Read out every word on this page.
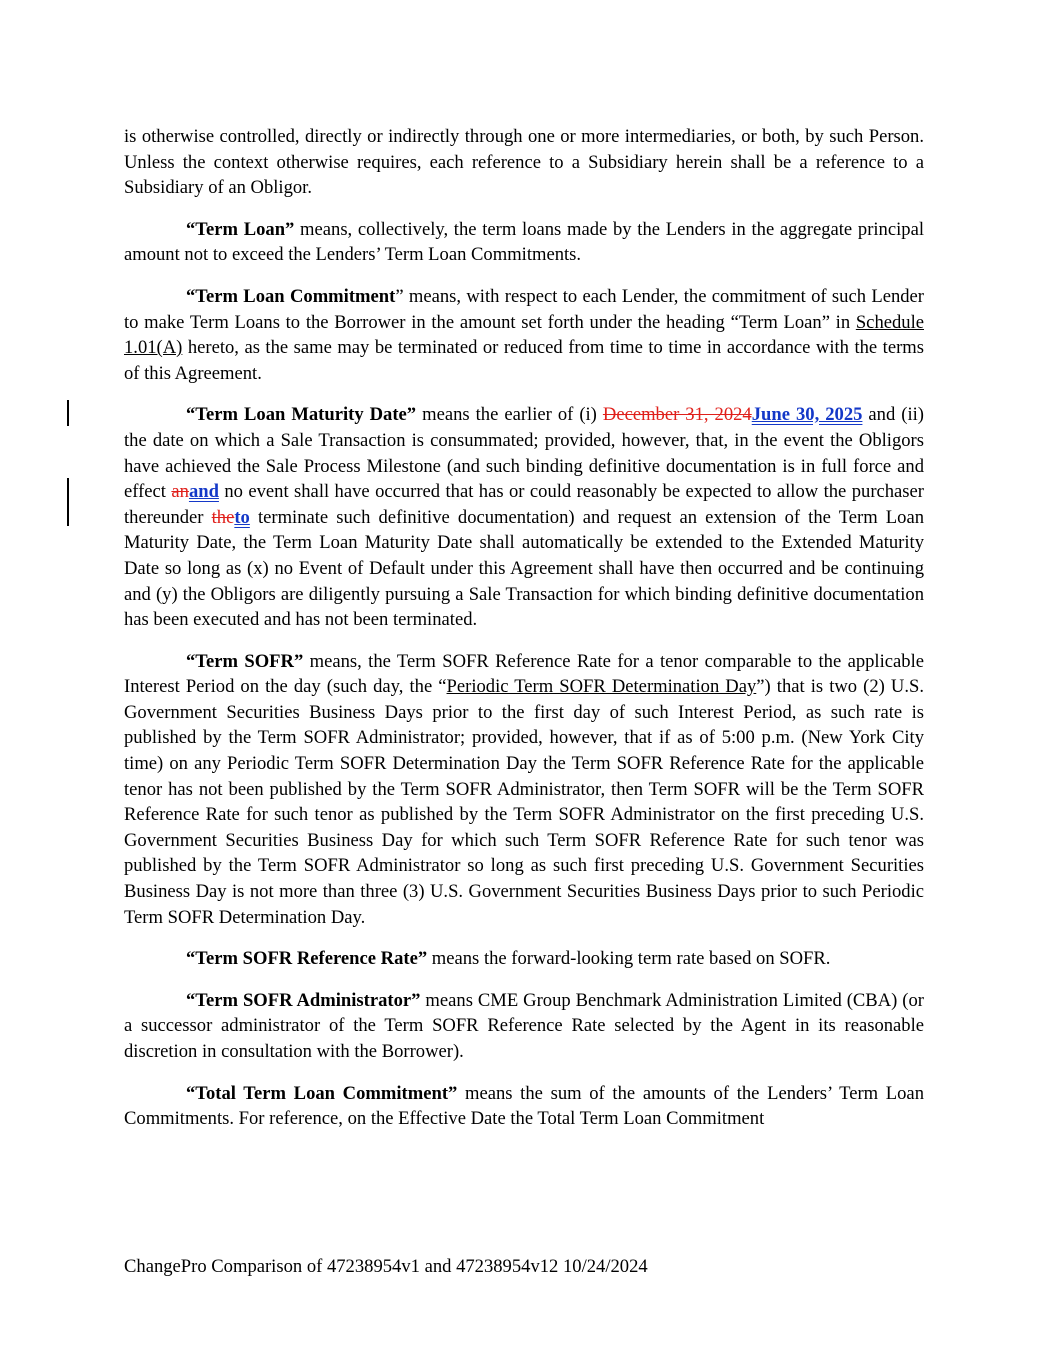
is otherwise controlled, directly or indirectly through one or more intermediaries, or both, by such Person. Unless the context otherwise requires, each reference to a Subsidiary herein shall be a reference to a Subsidiary of an Obligor.

“Term Loan” means, collectively, the term loans made by the Lenders in the aggregate principal amount not to exceed the Lenders’ Term Loan Commitments.

“Term Loan Commitment” means, with respect to each Lender, the commitment of such Lender to make Term Loans to the Borrower in the amount set forth under the heading “Term Loan” in Schedule 1.01(A) hereto, as the same may be terminated or reduced from time to time in accordance with the terms of this Agreement.

“Term Loan Maturity Date” means the earlier of (i) December 31, 2024June 30, 2025 and (ii) the date on which a Sale Transaction is consummated; provided, however, that, in the event the Obligors have achieved the Sale Process Milestone (and such binding definitive documentation is in full force and effect anand no event shall have occurred that has or could reasonably be expected to allow the purchaser thereunder theto terminate such definitive documentation) and request an extension of the Term Loan Maturity Date, the Term Loan Maturity Date shall automatically be extended to the Extended Maturity Date so long as (x) no Event of Default under this Agreement shall have then occurred and be continuing and (y) the Obligors are diligently pursuing a Sale Transaction for which binding definitive documentation has been executed and has not been terminated.

“Term SOFR” means, the Term SOFR Reference Rate for a tenor comparable to the applicable Interest Period on the day (such day, the “Periodic Term SOFR Determination Day”) that is two (2) U.S. Government Securities Business Days prior to the first day of such Interest Period, as such rate is published by the Term SOFR Administrator; provided, however, that if as of 5:00 p.m. (New York City time) on any Periodic Term SOFR Determination Day the Term SOFR Reference Rate for the applicable tenor has not been published by the Term SOFR Administrator, then Term SOFR will be the Term SOFR Reference Rate for such tenor as published by the Term SOFR Administrator on the first preceding U.S. Government Securities Business Day for which such Term SOFR Reference Rate for such tenor was published by the Term SOFR Administrator so long as such first preceding U.S. Government Securities Business Day is not more than three (3) U.S. Government Securities Business Days prior to such Periodic Term SOFR Determination Day.

“Term SOFR Reference Rate” means the forward-looking term rate based on SOFR.

“Term SOFR Administrator” means CME Group Benchmark Administration Limited (CBA) (or a successor administrator of the Term SOFR Reference Rate selected by the Agent in its reasonable discretion in consultation with the Borrower).

“Total Term Loan Commitment” means the sum of the amounts of the Lenders’ Term Loan Commitments. For reference, on the Effective Date the Total Term Loan Commitment

ChangePro Comparison of 47238954v1 and 47238954v12 10/24/2024
